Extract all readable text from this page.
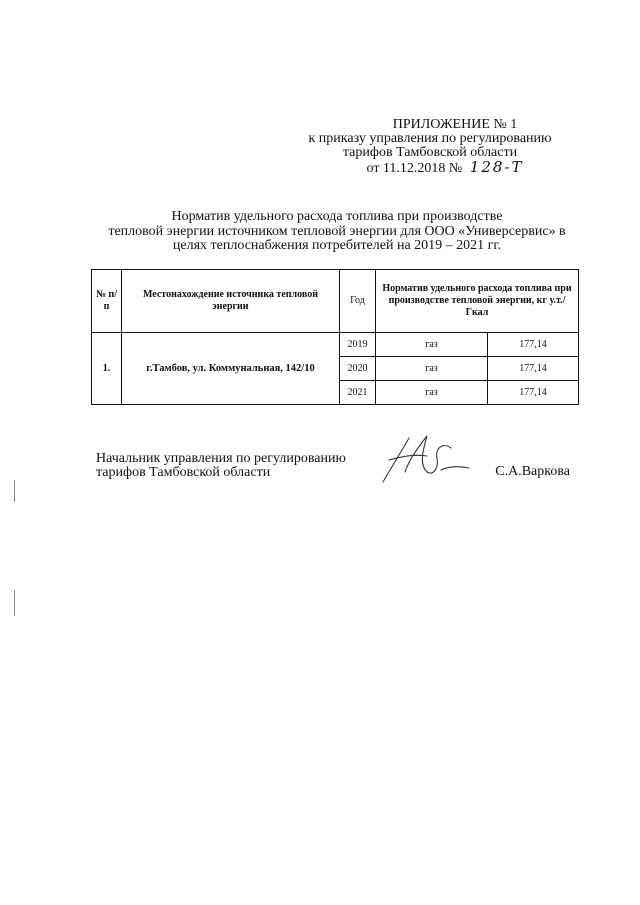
ПРИЛОЖЕНИЕ № 1
к приказу управления по регулированию
тарифов Тамбовской области
от 11.12.2018 № 128-Т
Норматив удельного расхода топлива при производстве
тепловой энергии источником тепловой энергии для ООО «Универсервис» в
целях теплоснабжения потребителей на 2019 – 2021 гг.
№ п/п	Местонахождение источника тепловой энергии	Год	Норматив удельного расхода топлива при производстве тепловой энергии, кг у.т./Гкал	
1.	г.Тамбов, ул. Коммунальная, 142/10	2019	газ	177,14
		2020	газ	177,14
		2021	газ	177,14
Начальник управления по регулированию
тарифов Тамбовской области	С.А.Варкова
